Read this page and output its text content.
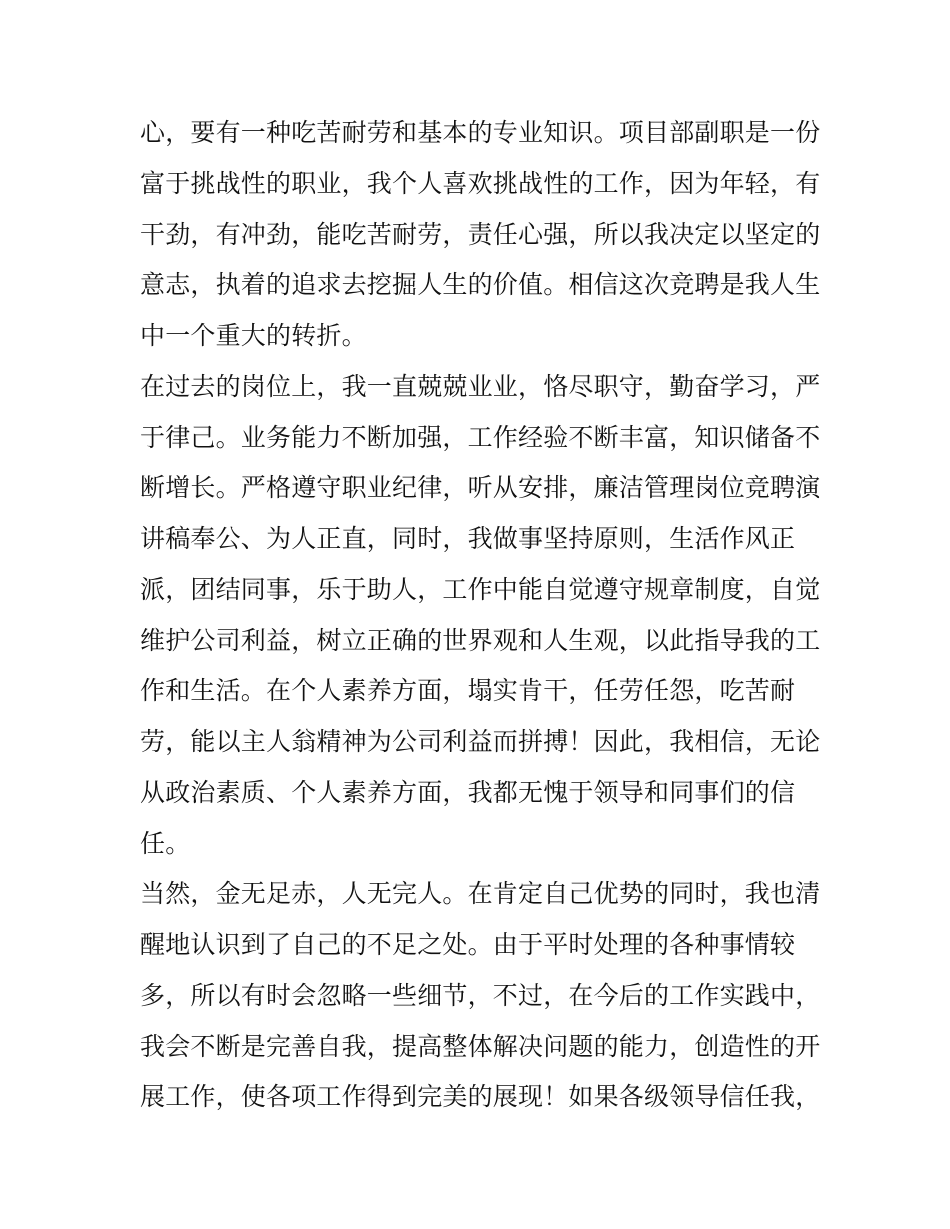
心，要有一种吃苦耐劳和基本的专业知识。项目部副职是一份
富于挑战性的职业，我个人喜欢挑战性的工作，因为年轻，有
干劲，有冲劲，能吃苦耐劳，责任心强，所以我决定以坚定的
意志，执着的追求去挖掘人生的价值。相信这次竞聘是我人生
中一个重大的转折。
在过去的岗位上，我一直兢兢业业，恪尽职守，勤奋学习，严
于律己。业务能力不断加强，工作经验不断丰富，知识储备不
断增长。严格遵守职业纪律，听从安排，廉洁管理岗位竞聘演
讲稿奉公、为人正直，同时，我做事坚持原则，生活作风正
派，团结同事，乐于助人，工作中能自觉遵守规章制度，自觉
维护公司利益，树立正确的世界观和人生观，以此指导我的工
作和生活。在个人素养方面，塌实肯干，任劳任怨，吃苦耐
劳，能以主人翁精神为公司利益而拼搏！因此，我相信，无论
从政治素质、个人素养方面，我都无愧于领导和同事们的信
任。
当然，金无足赤，人无完人。在肯定自己优势的同时，我也清
醒地认识到了自己的不足之处。由于平时处理的各种事情较
多，所以有时会忽略一些细节，不过，在今后的工作实践中，
我会不断是完善自我，提高整体解决问题的能力，创造性的开
展工作，使各项工作得到完美的展现！如果各级领导信任我，
